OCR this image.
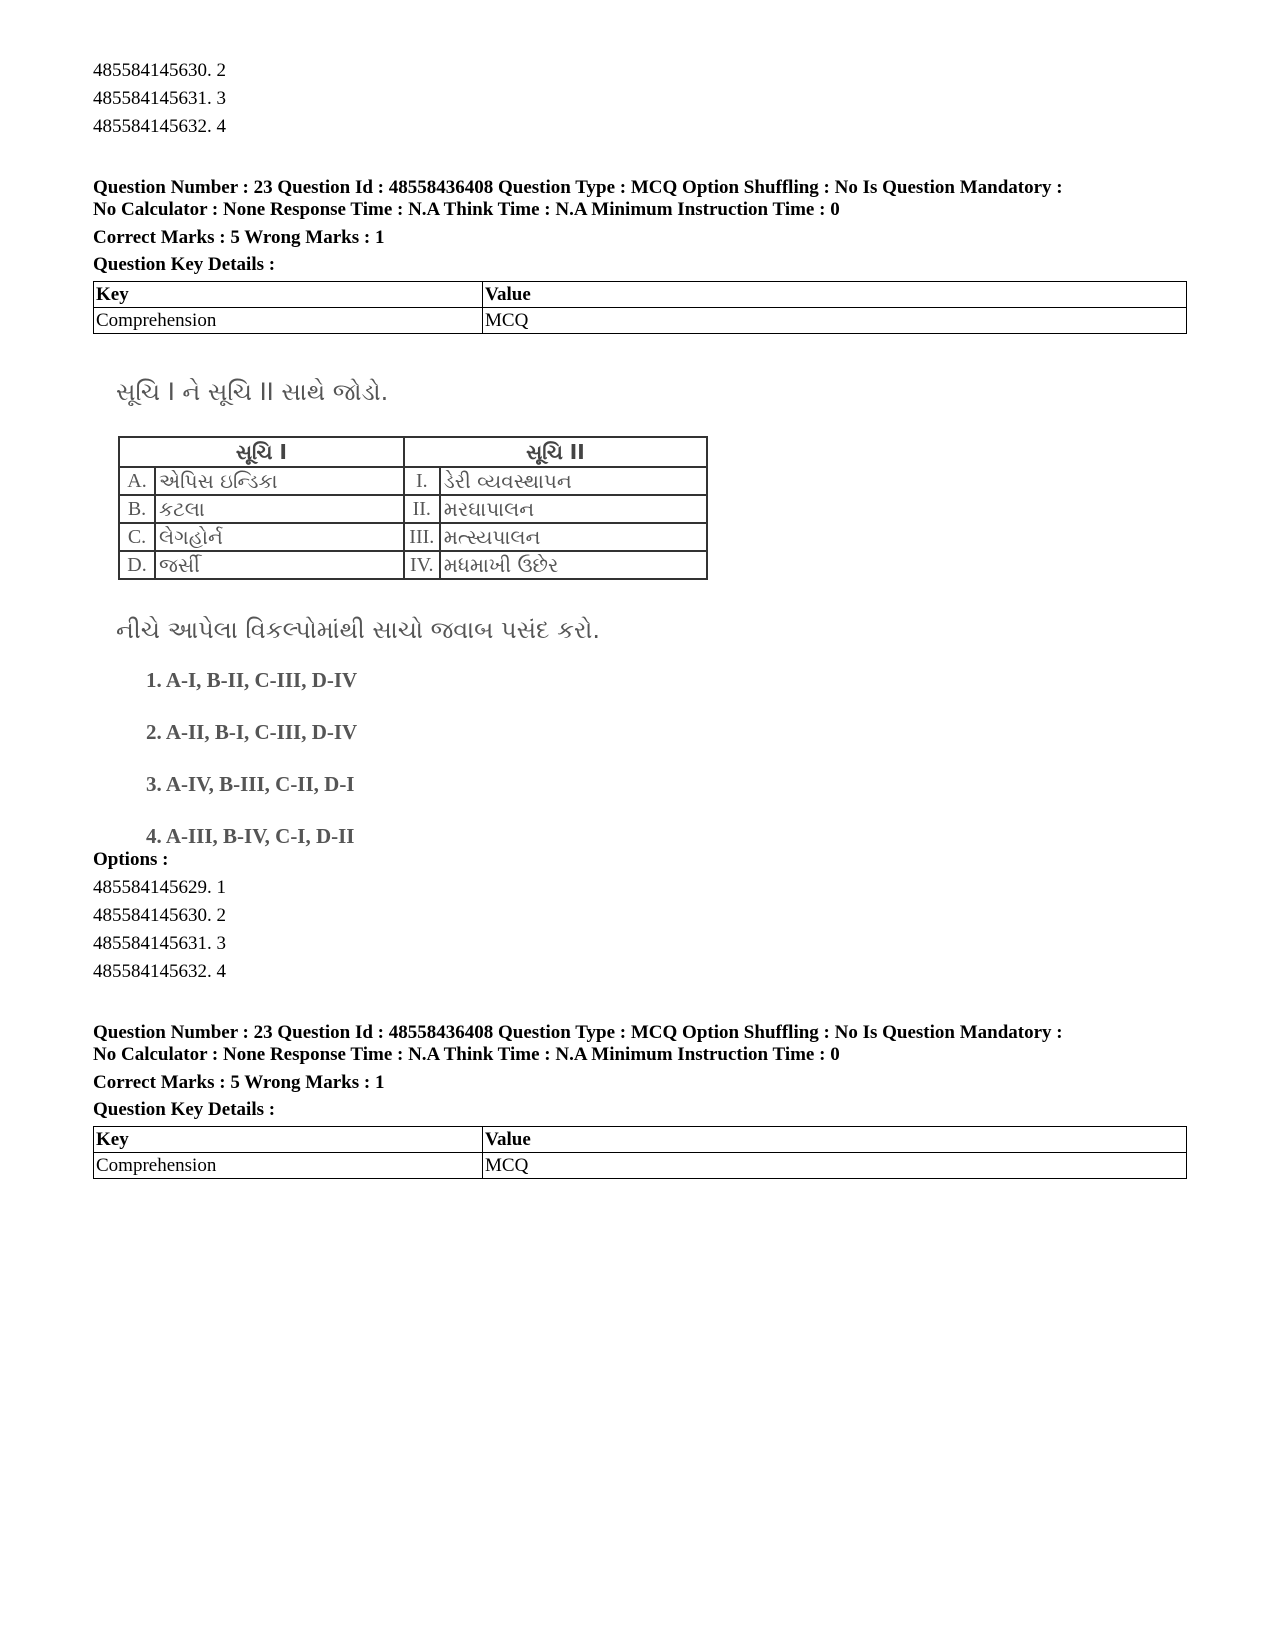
485584145630. 2
485584145631. 3
485584145632. 4
Question Number : 23 Question Id : 48558436408 Question Type : MCQ Option Shuffling : No Is Question Mandatory :
No Calculator : None Response Time : N.A Think Time : N.A Minimum Instruction Time : 0
Correct Marks : 5 Wrong Marks : 1
Question Key Details :
Key	Value
Comprehension	MCQ
સૂચિ I ને સૂચિ II સાથે જોડો.
સૂચિ I		સૂચિ II	
A.	એપિસ ઇન્ડિકા	I.	ડેરી વ્યવસ્થાપન
B.	કટલા	II.	મરઘાપાલન
C.	લેગહોર્ન	III.	મત્સ્યપાલન
D.	જર્સી	IV.	મધમાખી ઉછેર
નીચે આપેલા વિકલ્પોમાંથી સાચો જવાબ પસંદ કરો.
1. A-I, B-II, C-III, D-IV
2. A-II, B-I, C-III, D-IV
3. A-IV, B-III, C-II, D-I
4. A-III, B-IV, C-I, D-II
Options :
485584145629. 1
485584145630. 2
485584145631. 3
485584145632. 4
Question Number : 23 Question Id : 48558436408 Question Type : MCQ Option Shuffling : No Is Question Mandatory :
No Calculator : None Response Time : N.A Think Time : N.A Minimum Instruction Time : 0
Correct Marks : 5 Wrong Marks : 1
Question Key Details :
Key	Value
Comprehension	MCQ
